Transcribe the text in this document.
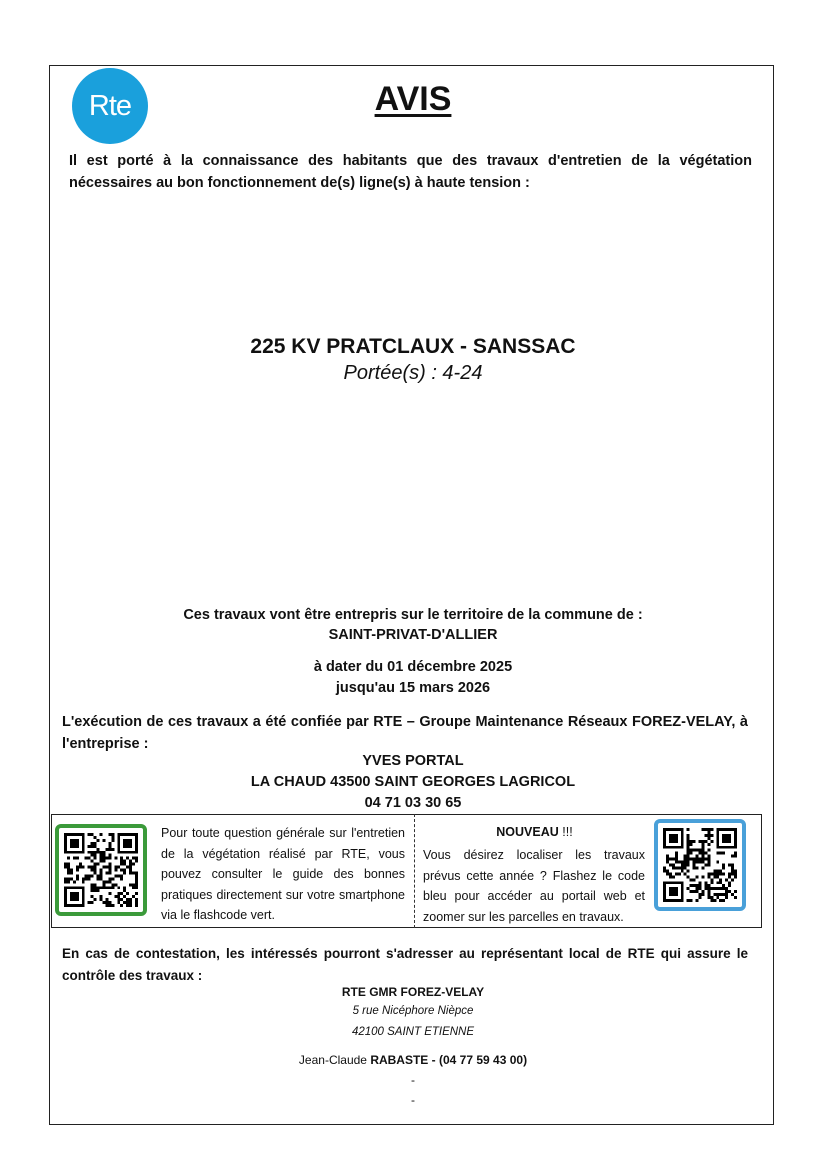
Rte	AVIS
Il est porté à la connaissance des habitants que des travaux d'entretien de la végétation nécessaires au bon fonctionnement de(s) ligne(s) à haute tension :
225 KV PRATCLAUX - SANSSAC
Portée(s) : 4-24
Ces travaux vont être entrepris sur le territoire de la commune de :
SAINT-PRIVAT-D'ALLIER
à dater du 01 décembre 2025
jusqu'au 15 mars 2026
L'exécution de ces travaux a été confiée par RTE – Groupe Maintenance Réseaux FOREZ-VELAY, à l'entreprise :
YVES PORTAL
LA CHAUD 43500 SAINT GEORGES LAGRICOL
04 71 03 30 65
Pour toute question générale sur l'entretien de la végétation réalisé par RTE, vous pouvez consulter le guide des bonnes pratiques directement sur votre smartphone via le flashcode vert.
NOUVEAU !!!
Vous désirez localiser les travaux prévus cette année ? Flashez le code bleu pour accéder au portail web et zoomer sur les parcelles en travaux.
En cas de contestation, les intéressés pourront s'adresser au représentant local de RTE qui assure le contrôle des travaux :
RTE GMR FOREZ-VELAY
5 rue Nicéphore Nièpce
42100 SAINT ETIENNE
Jean-Claude RABASTE - (04 77 59 43 00)
-
-
